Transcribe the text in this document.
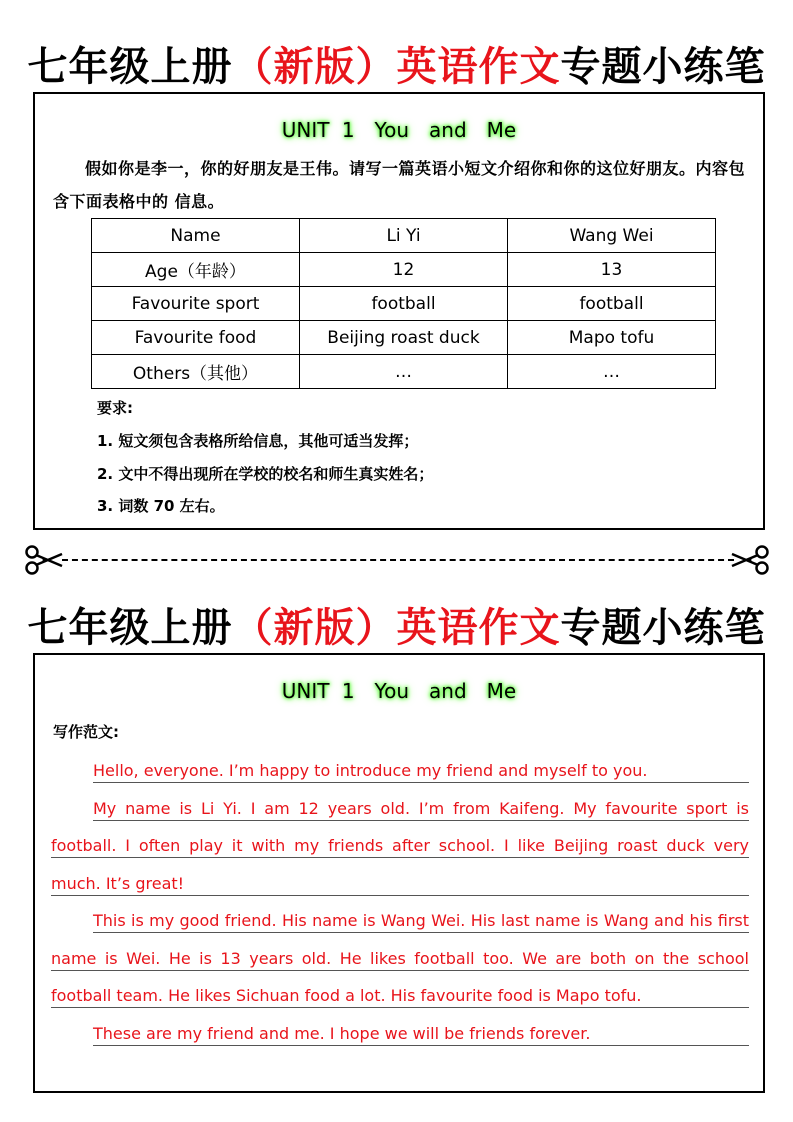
七年级上册（新版）英语作文专题小练笔
UNIT 1 You and Me
假如你是李一，你的好朋友是王伟。请写一篇英语小短文介绍你和你的这位好朋友。内容包含下面表格中的 信息。
Name	Li Yi	Wang Wei
Age（年龄）	12	13
Favourite sport	football	football
Favourite food	Beijing roast duck	Mapo tofu
Others（其他）	…	…
要求:
1. 短文须包含表格所给信息，其他可适当发挥；
2. 文中不得出现所在学校的校名和师生真实姓名；
3. 词数 70 左右。
七年级上册（新版）英语作文专题小练笔
UNIT 1 You and Me
写作范文:
Hello, everyone. I’m happy to introduce my friend and myself to you.
My name is Li Yi. I am 12 years old. I’m from Kaifeng. My favourite sport is
football. I often play it with my friends after school. I like Beijing roast duck very
much. It’s great!
This is my good friend. His name is Wang Wei. His last name is Wang and his first
name is Wei. He is 13 years old. He likes football too. We are both on the school
football team. He likes Sichuan food a lot. His favourite food is Mapo tofu.
These are my friend and me. I hope we will be friends forever.
